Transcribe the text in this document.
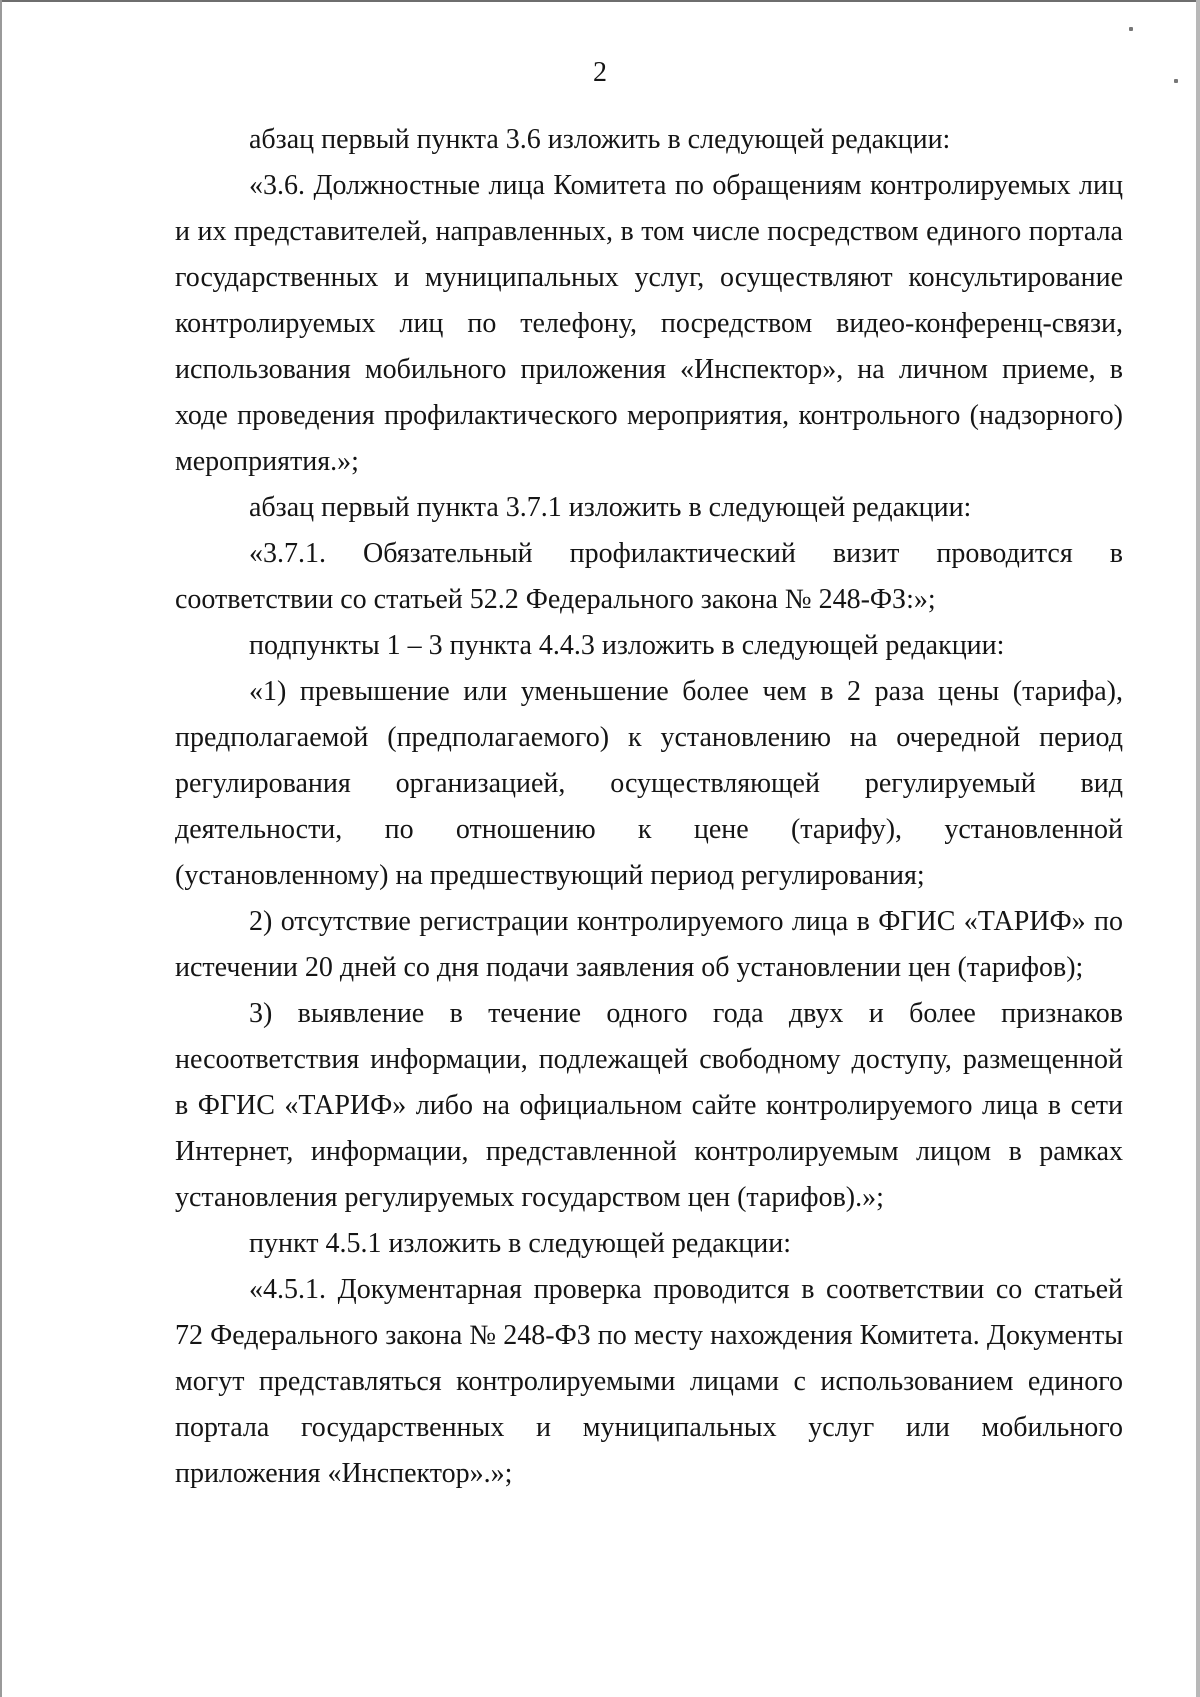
2

абзац первый пункта 3.6 изложить в следующей редакции:

«3.6. Должностные лица Комитета по обращениям контролируемых лиц и их представителей, направленных, в том числе посредством единого портала государственных и муниципальных услуг, осуществляют консультирование контролируемых лиц по телефону, посредством видео-конференц-связи, использования мобильного приложения «Инспектор», на личном приеме, в ходе проведения профилактического мероприятия, контрольного (надзорного) мероприятия.»;

абзац первый пункта 3.7.1 изложить в следующей редакции:

«3.7.1. Обязательный профилактический визит проводится в соответствии со статьей 52.2 Федерального закона № 248-ФЗ:»;

подпункты 1 – 3 пункта 4.4.3 изложить в следующей редакции:

«1) превышение или уменьшение более чем в 2 раза цены (тарифа), предполагаемой (предполагаемого) к установлению на очередной период регулирования организацией, осуществляющей регулируемый вид деятельности, по отношению к цене (тарифу), установленной (установленному) на предшествующий период регулирования;

2) отсутствие регистрации контролируемого лица в ФГИС «ТАРИФ» по истечении 20 дней со дня подачи заявления об установлении цен (тарифов);

3) выявление в течение одного года двух и более признаков несоответствия информации, подлежащей свободному доступу, размещенной в ФГИС «ТАРИФ» либо на официальном сайте контролируемого лица в сети Интернет, информации, представленной контролируемым лицом в рамках установления регулируемых государством цен (тарифов).»;

пункт 4.5.1 изложить в следующей редакции:

«4.5.1. Документарная проверка проводится в соответствии со статьей 72 Федерального закона № 248-ФЗ по месту нахождения Комитета. Документы могут представляться контролируемыми лицами с использованием единого портала государственных и муниципальных услуг или мобильного приложения «Инспектор».»;
